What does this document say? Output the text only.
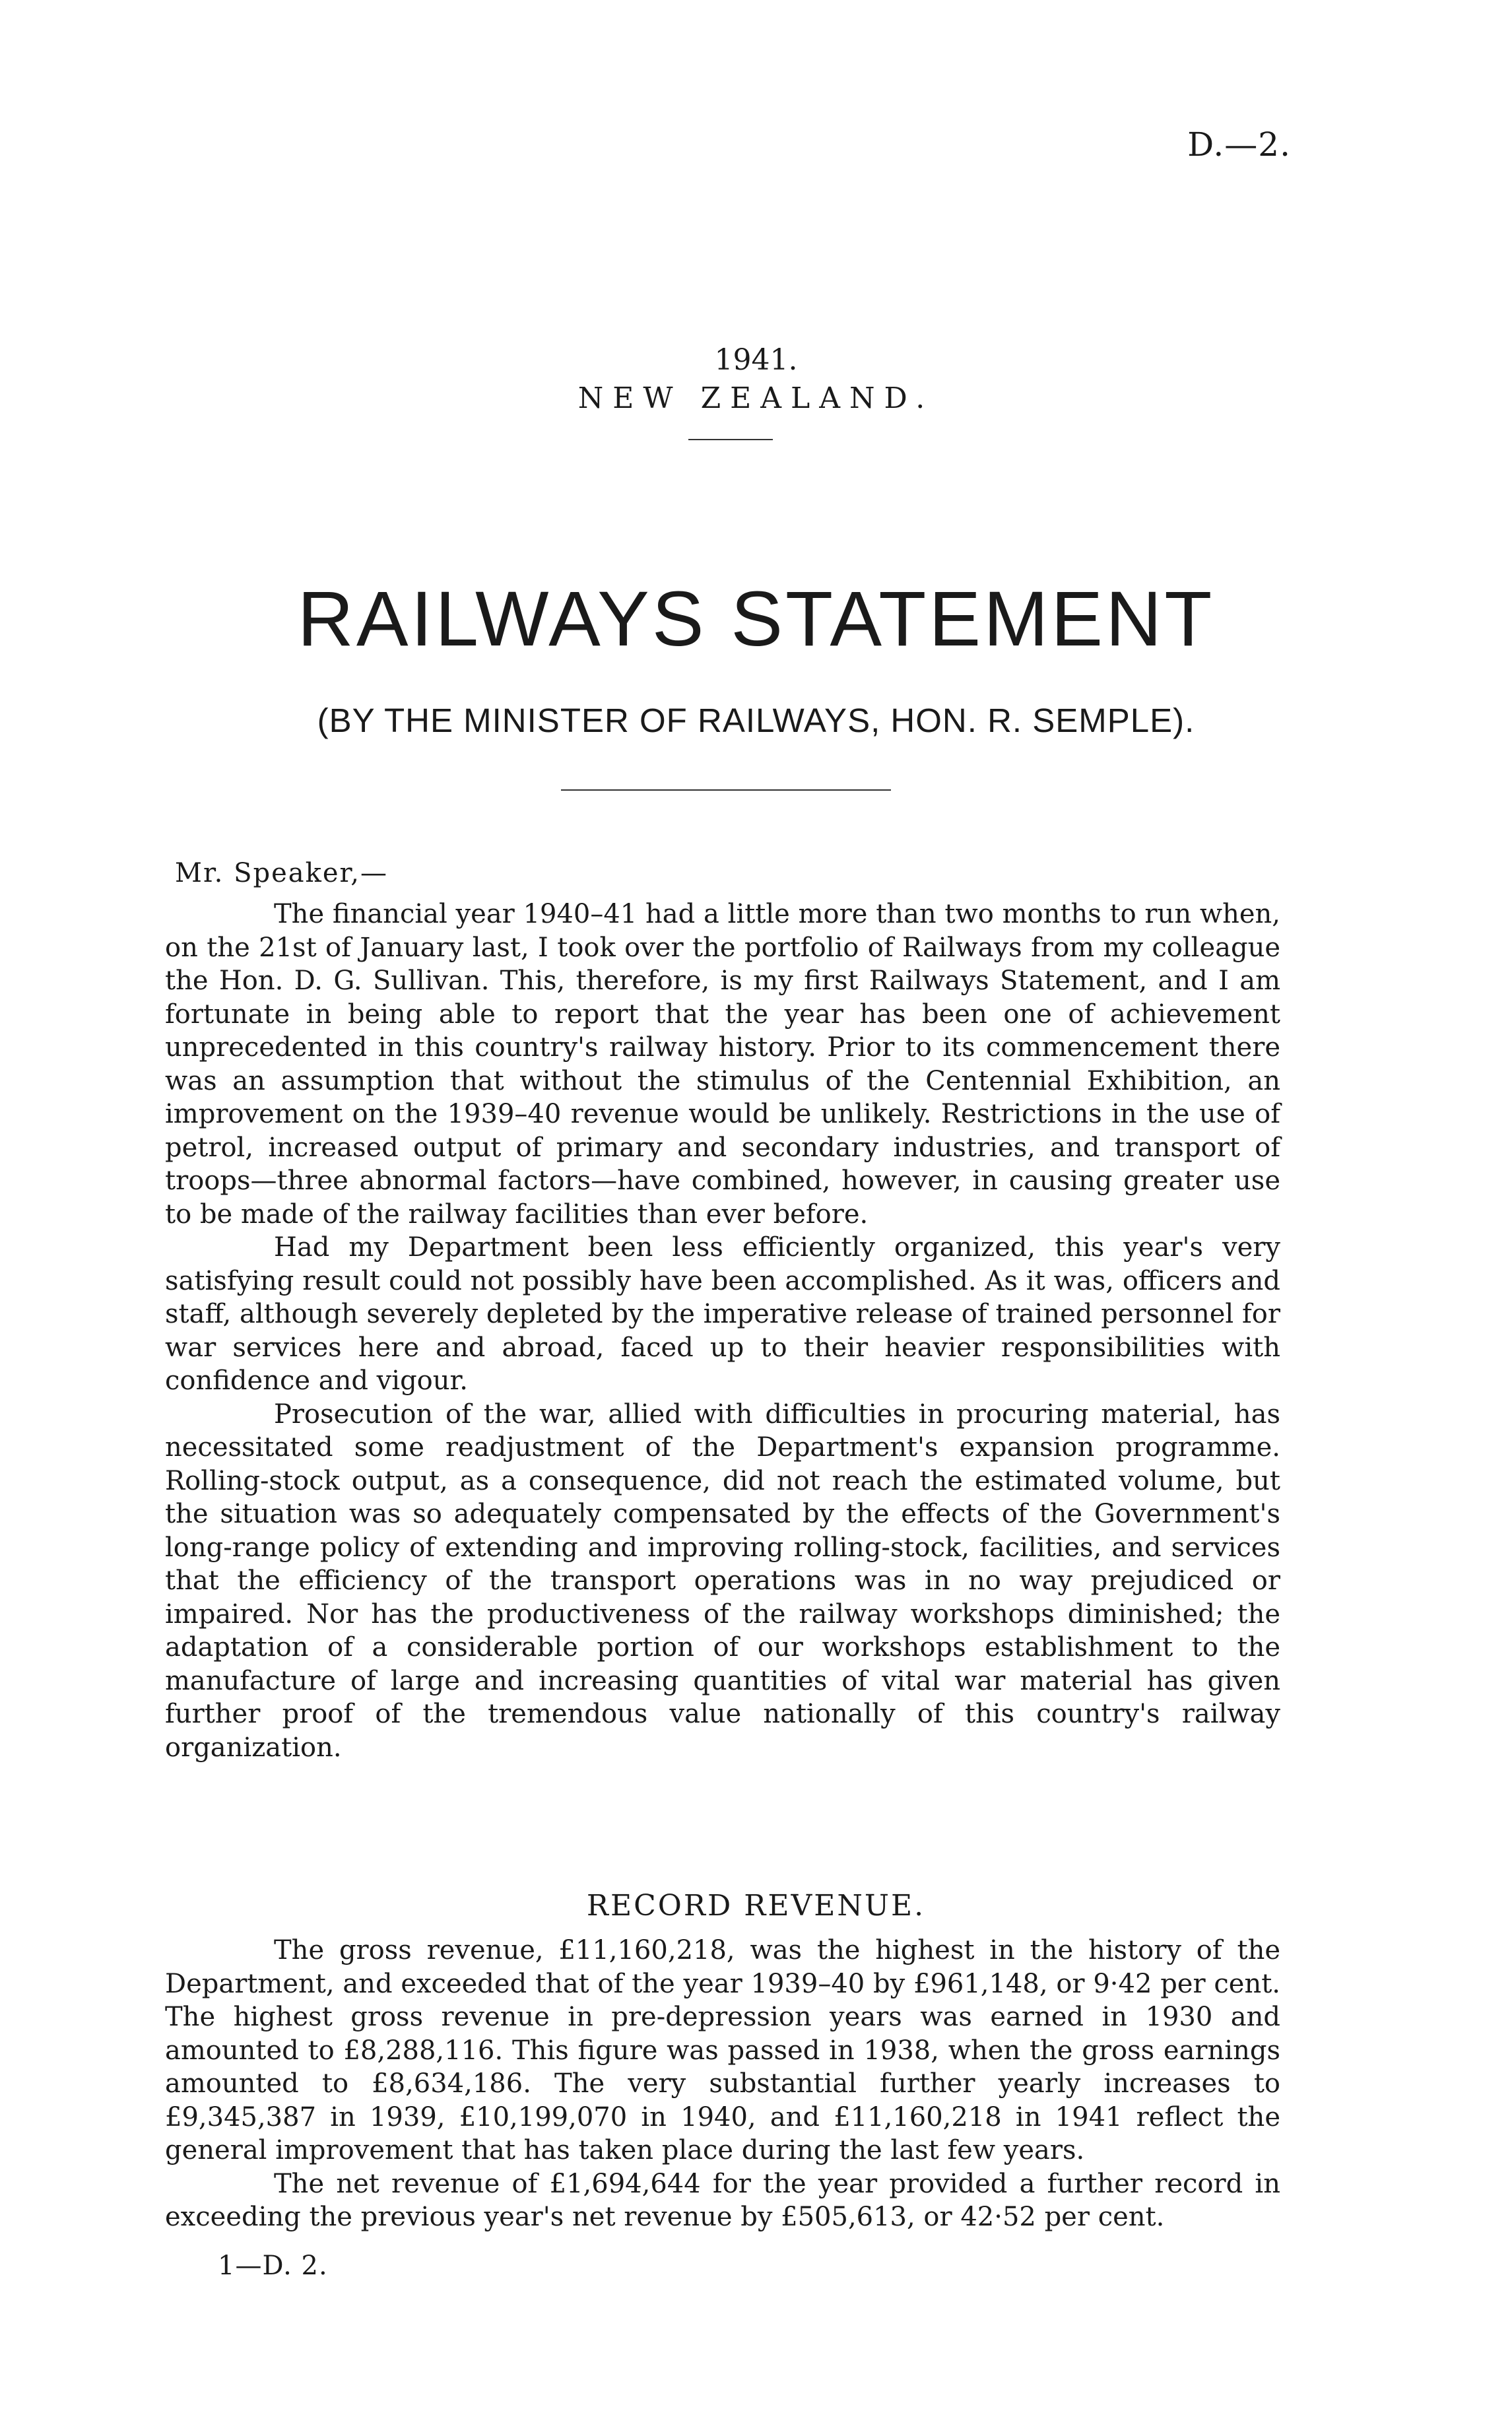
D.—2.
1941.
NEW ZEALAND.
RAILWAYS STATEMENT
(BY THE MINISTER OF RAILWAYS, HON. R. SEMPLE).
Mr. Speaker,—

The financial year 1940–41 had a little more than two months to run when, on the 21st of January last, I took over the portfolio of Railways from my colleague the Hon. D. G. Sullivan. This, therefore, is my first Railways Statement, and I am fortunate in being able to report that the year has been one of achievement unprecedented in this country's railway history. Prior to its commencement there was an assumption that without the stimulus of the Centennial Exhibition, an improvement on the 1939–40 revenue would be unlikely. Restrictions in the use of petrol, increased output of primary and secondary industries, and transport of troops—three abnormal factors—have combined, however, in causing greater use to be made of the railway facilities than ever before.

Had my Department been less efficiently organized, this year's very satisfying result could not possibly have been accomplished. As it was, officers and staff, although severely depleted by the imperative release of trained personnel for war services here and abroad, faced up to their heavier responsibilities with confidence and vigour.

Prosecution of the war, allied with difficulties in procuring material, has necessitated some readjustment of the Department's expansion programme. Rolling-stock output, as a consequence, did not reach the estimated volume, but the situation was so adequately compensated by the effects of the Government's long-range policy of extending and improving rolling-stock, facilities, and services that the efficiency of the transport operations was in no way prejudiced or impaired. Nor has the productiveness of the railway workshops diminished; the adaptation of a considerable portion of our workshops establishment to the manufacture of large and increasing quantities of vital war material has given further proof of the tremendous value nationally of this country's railway organization.

RECORD REVENUE.

The gross revenue, £11,160,218, was the highest in the history of the Department, and exceeded that of the year 1939–40 by £961,148, or 9·42 per cent. The highest gross revenue in pre-depression years was earned in 1930 and amounted to £8,288,116. This figure was passed in 1938, when the gross earnings amounted to £8,634,186. The very substantial further yearly increases to £9,345,387 in 1939, £10,199,070 in 1940, and £11,160,218 in 1941 reflect the general improvement that has taken place during the last few years.

The net revenue of £1,694,644 for the year provided a further record in exceeding the previous year's net revenue by £505,613, or 42·52 per cent.

1—D. 2.
